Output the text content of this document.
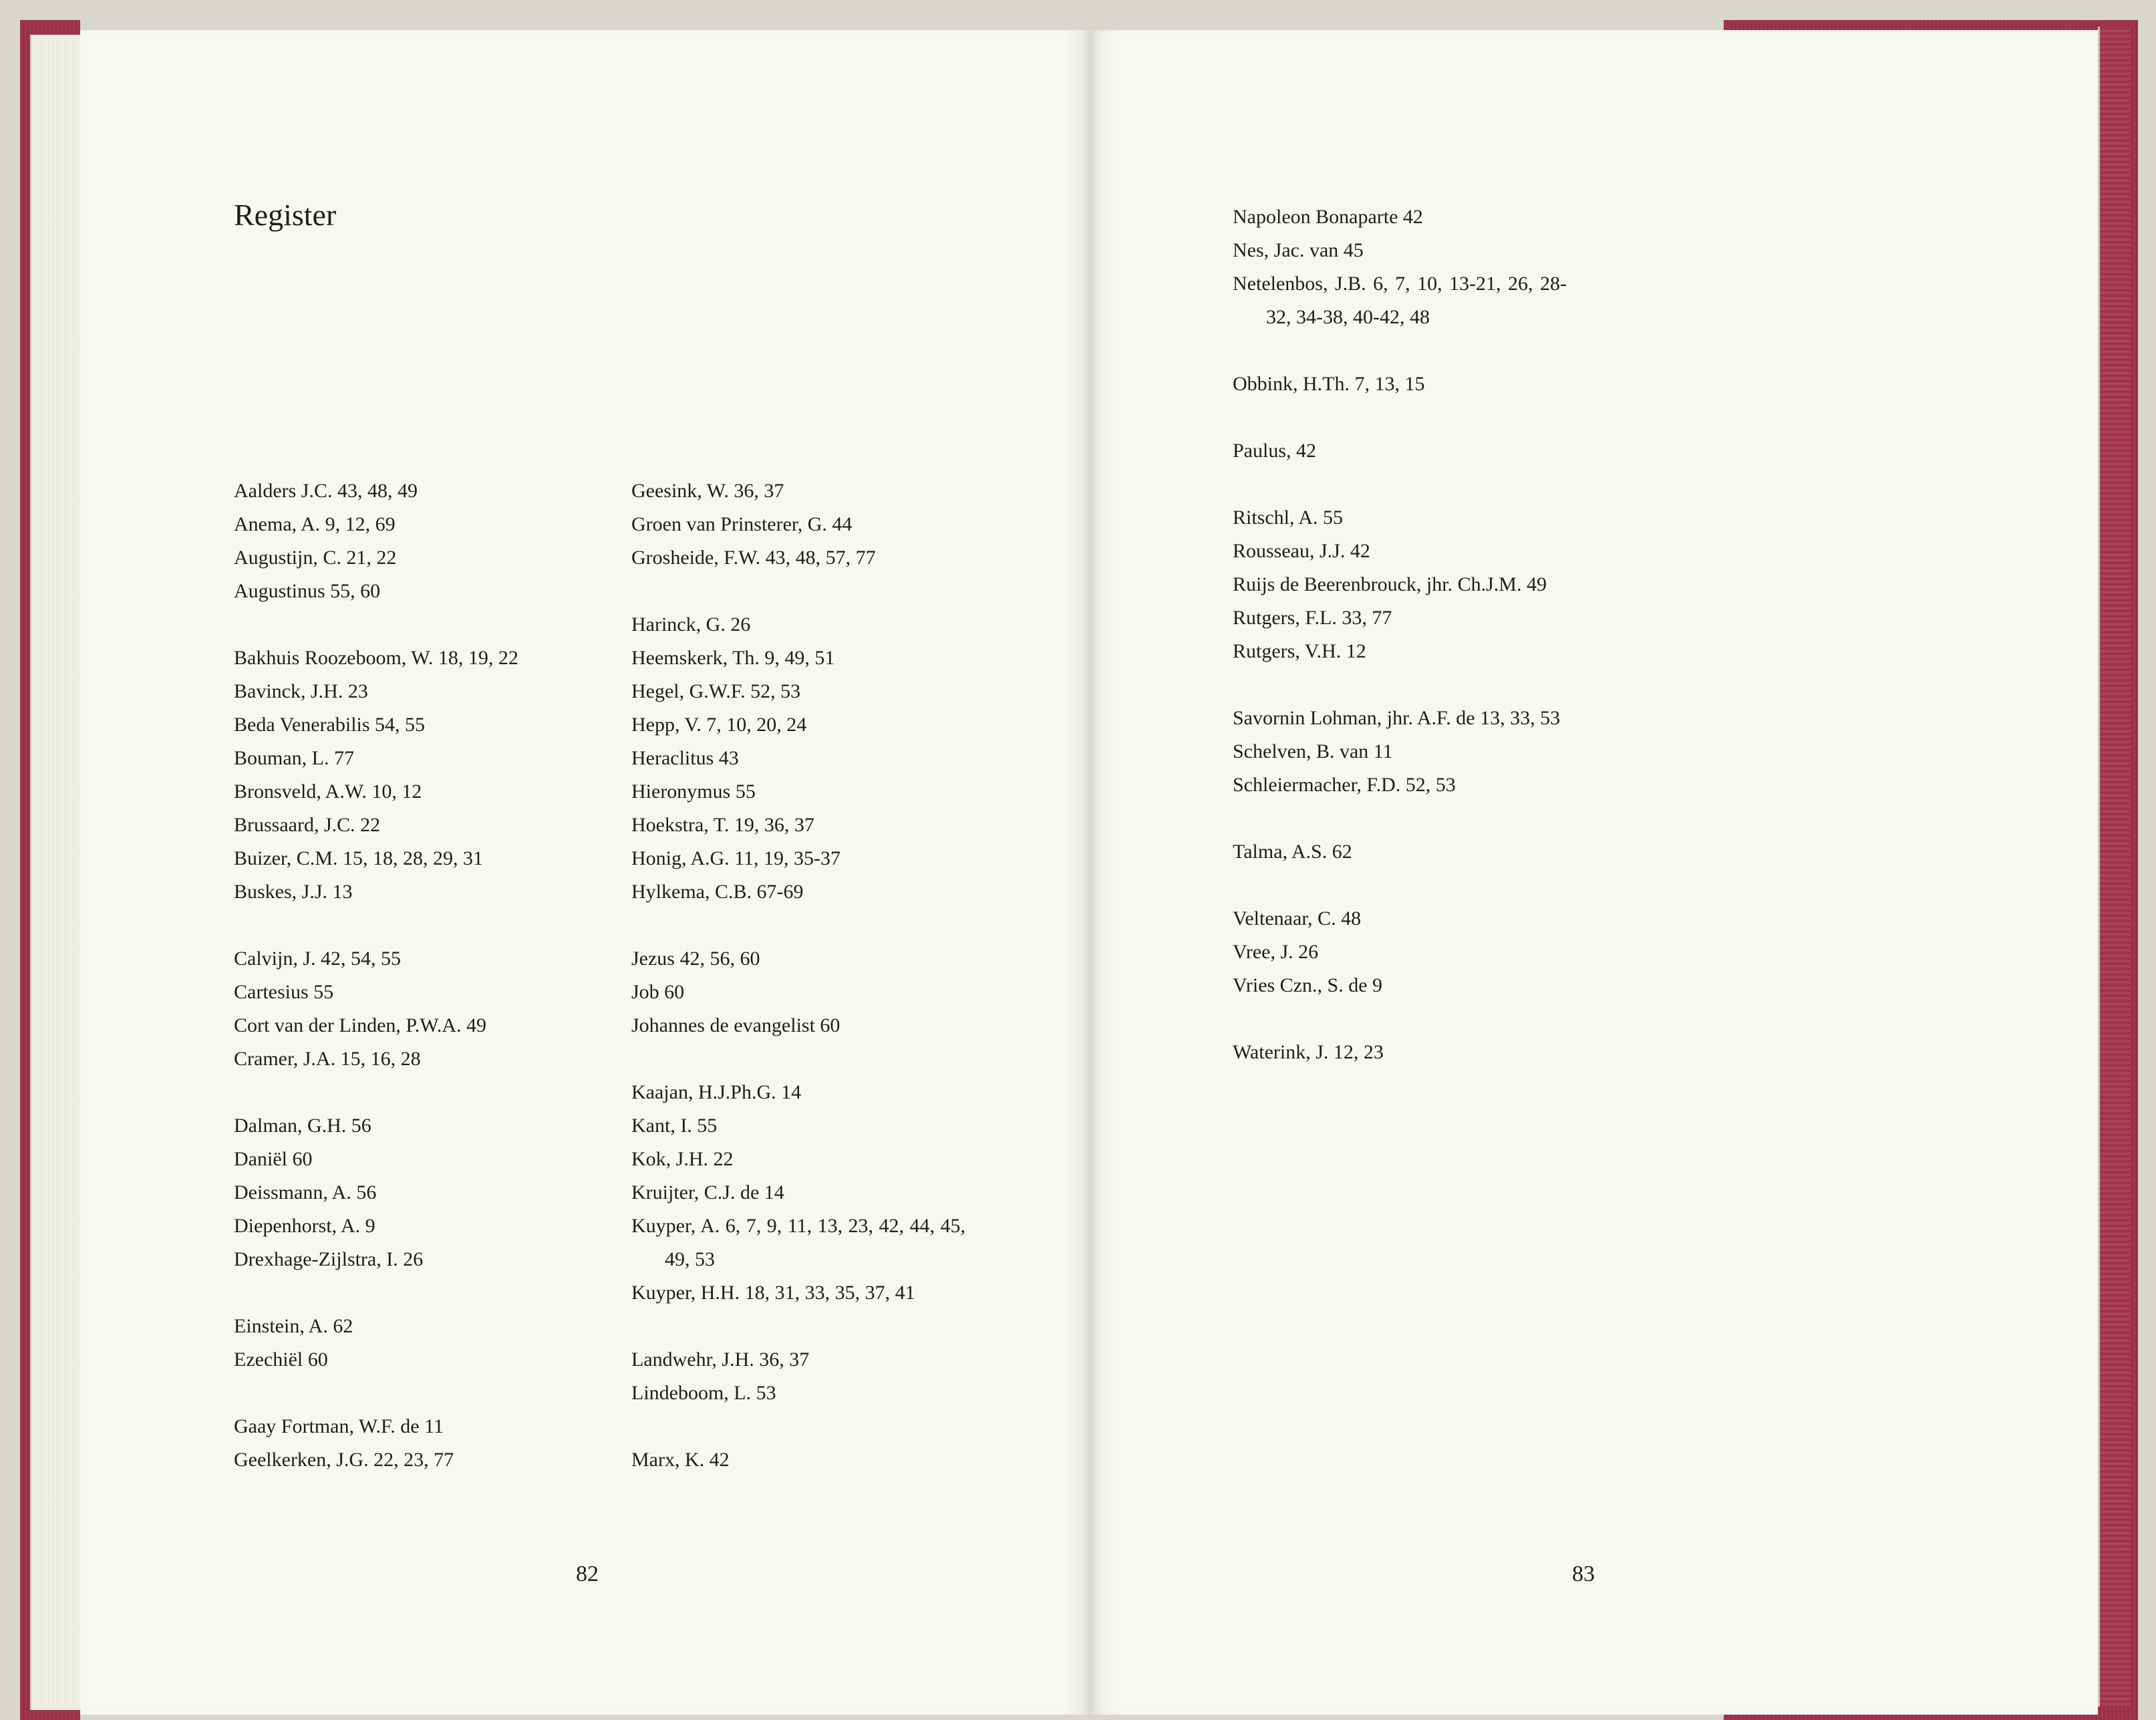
Register
Aalders J.C. 43, 48, 49
Anema, A. 9, 12, 69
Augustijn, C. 21, 22
Augustinus 55, 60
Bakhuis Roozeboom, W. 18, 19, 22
Bavinck, J.H. 23
Beda Venerabilis 54, 55
Bouman, L. 77
Bronsveld, A.W. 10, 12
Brussaard, J.C. 22
Buizer, C.M. 15, 18, 28, 29, 31
Buskes, J.J. 13
Calvijn, J. 42, 54, 55
Cartesius 55
Cort van der Linden, P.W.A. 49
Cramer, J.A. 15, 16, 28
Dalman, G.H. 56
Daniël 60
Deissmann, A. 56
Diepenhorst, A. 9
Drexhage-Zijlstra, I. 26
Einstein, A. 62
Ezechiël 60
Gaay Fortman, W.F. de 11
Geelkerken, J.G. 22, 23, 77
Geesink, W. 36, 37
Groen van Prinsterer, G. 44
Grosheide, F.W. 43, 48, 57, 77
Harinck, G. 26
Heemskerk, Th. 9, 49, 51
Hegel, G.W.F. 52, 53
Hepp, V. 7, 10, 20, 24
Heraclitus 43
Hieronymus 55
Hoekstra, T. 19, 36, 37
Honig, A.G. 11, 19, 35-37
Hylkema, C.B. 67-69
Jezus 42, 56, 60
Job 60
Johannes de evangelist 60
Kaajan, H.J.Ph.G. 14
Kant, I. 55
Kok, J.H. 22
Kruijter, C.J. de 14
Kuyper, A. 6, 7, 9, 11, 13, 23, 42, 44, 45, 49, 53
Kuyper, H.H. 18, 31, 33, 35, 37, 41
Landwehr, J.H. 36, 37
Lindeboom, L. 53
Marx, K. 42
Napoleon Bonaparte 42
Nes, Jac. van 45
Netelenbos, J.B. 6, 7, 10, 13-21, 26, 28-32, 34-38, 40-42, 48
Obbink, H.Th. 7, 13, 15
Paulus, 42
Ritschl, A. 55
Rousseau, J.J. 42
Ruijs de Beerenbrouck, jhr. Ch.J.M. 49
Rutgers, F.L. 33, 77
Rutgers, V.H. 12
Savornin Lohman, jhr. A.F. de 13, 33, 53
Schelven, B. van 11
Schleiermacher, F.D. 52, 53
Talma, A.S. 62
Veltenaar, C. 48
Vree, J. 26
Vries Czn., S. de 9
Waterink, J. 12, 23
82	83
